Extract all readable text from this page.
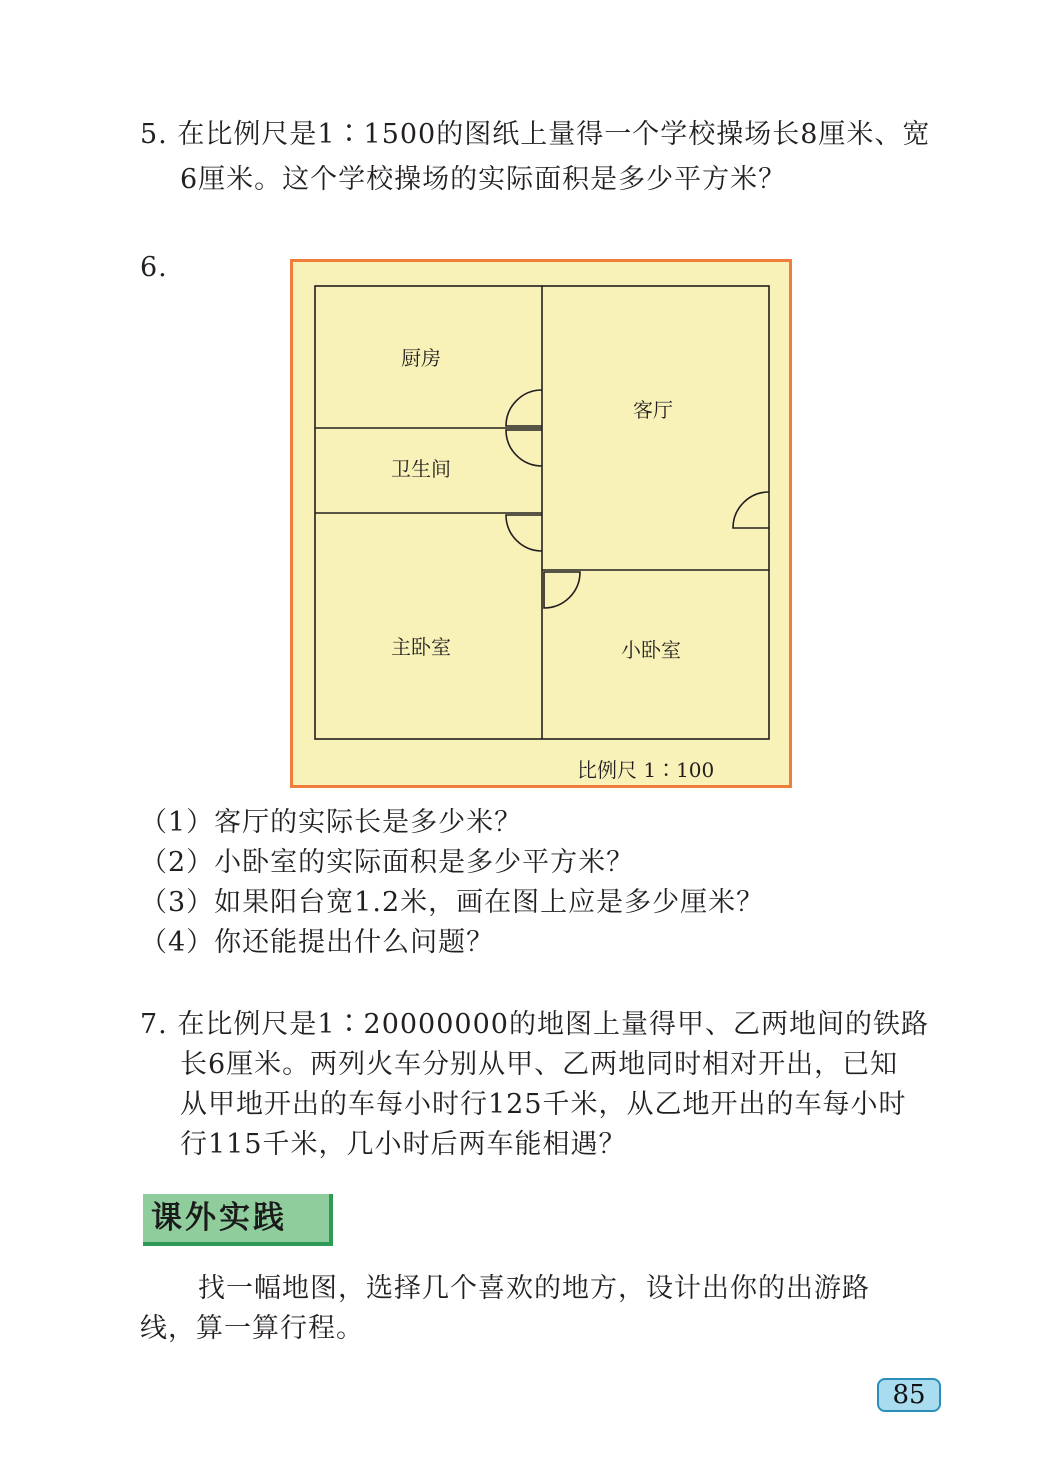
5. 在比例尺是1∶1500的图纸上量得一个学校操场长8厘米、宽
6厘米。这个学校操场的实际面积是多少平方米？
6.
厨房
客厅
卫生间
主卧室	小卧室
比例尺 1∶100
（1）客厅的实际长是多少米？
（2）小卧室的实际面积是多少平方米？
（3）如果阳台宽1.2米，画在图上应是多少厘米？
（4）你还能提出什么问题？
7. 在比例尺是1∶20000000的地图上量得甲、乙两地间的铁路
长6厘米。两列火车分别从甲、乙两地同时相对开出，已知
从甲地开出的车每小时行125千米，从乙地开出的车每小时
行115千米，几小时后两车能相遇？
课外实践
找一幅地图，选择几个喜欢的地方，设计出你的出游路
线，算一算行程。
85
